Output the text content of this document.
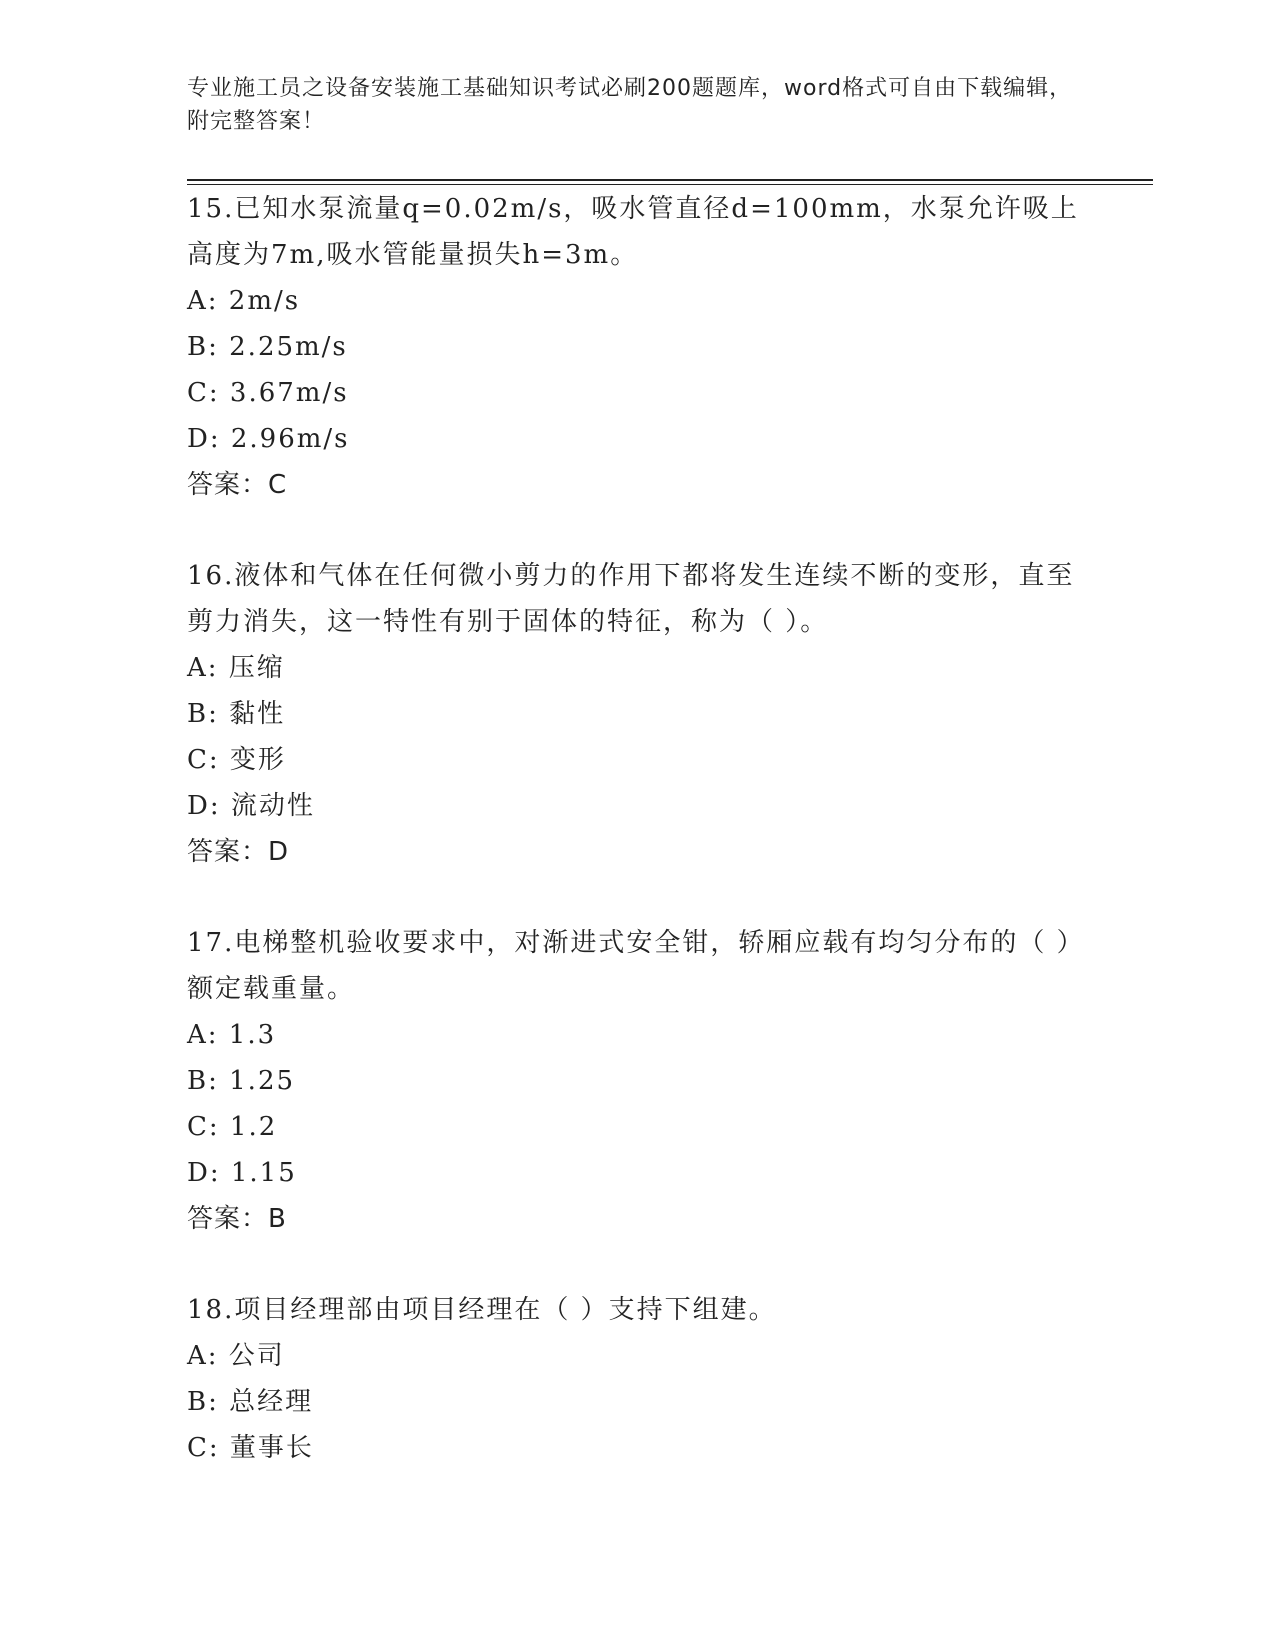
专业施工员之设备安装施工基础知识考试必刷200题题库，word格式可自由下载编辑，附完整答案！

15.已知水泵流量q=0.02m/s，吸水管直径d=100mm，水泵允许吸上高度为7m,吸水管能量损失h=3m。

A: 2m/s

B: 2.25m/s

C: 3.67m/s

D: 2.96m/s

答案：C

16.液体和气体在任何微小剪力的作用下都将发生连续不断的变形，直至剪力消失，这一特性有别于固体的特征，称为（ ）。

A: 压缩

B: 黏性

C: 变形

D: 流动性

答案：D

17.电梯整机验收要求中，对渐进式安全钳，轿厢应载有均匀分布的（ ）额定载重量。

A: 1.3

B: 1.25

C: 1.2

D: 1.15

答案：B

18.项目经理部由项目经理在（ ）支持下组建。

A: 公司

B: 总经理

C: 董事长
